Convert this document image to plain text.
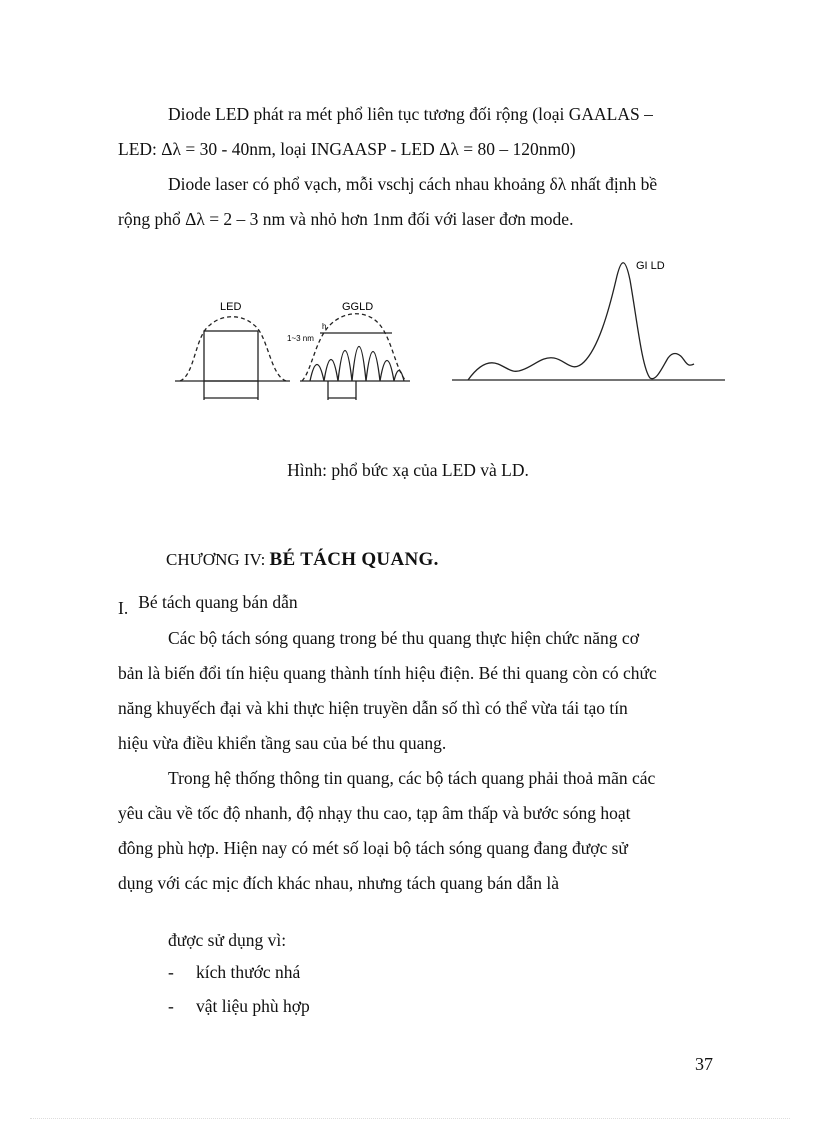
Diode LED phát ra mét phổ liên tục tương đối rộng (loại GAALAS –
LED: Δλ = 30 - 40nm, loại INGAASP - LED Δλ = 80 – 120nm0)
Diode laser có phổ vạch, mỗi vschj cách nhau khoảng δλ nhất định bề
rộng phổ Δλ = 2 – 3 nm và nhỏ hơn 1nm đối với laser đơn mode.
LED	GGLD
h
1~3 nm
GI LD
Hình: phổ bức xạ của LED và LD.
CHƯƠNG IV: BÉ TÁCH QUANG.
I. Bé tách quang bán dẫn
Các bộ tách sóng quang trong bé thu quang thực hiện chức năng cơ
bản là biến đổi tín hiệu quang thành tính hiệu điện. Bé thi quang còn có chức
năng khuyếch đại và khi thực hiện truyền dẫn số thì có thể vừa tái tạo tín
hiệu vừa điều khiển tầng sau của bé thu quang.
Trong hệ thống thông tin quang, các bộ tách quang phải thoả mãn các
yêu cầu về tốc độ nhanh, độ nhạy thu cao, tạp âm thấp và bước sóng hoạt
đông phù hợp. Hiện nay có mét số loại bộ tách sóng quang đang được sử
dụng với các mịc đích khác nhau, nhưng tách quang bán dẫn là
được sử dụng vì:
- kích thước nhá
- vật liệu phù hợp
37
